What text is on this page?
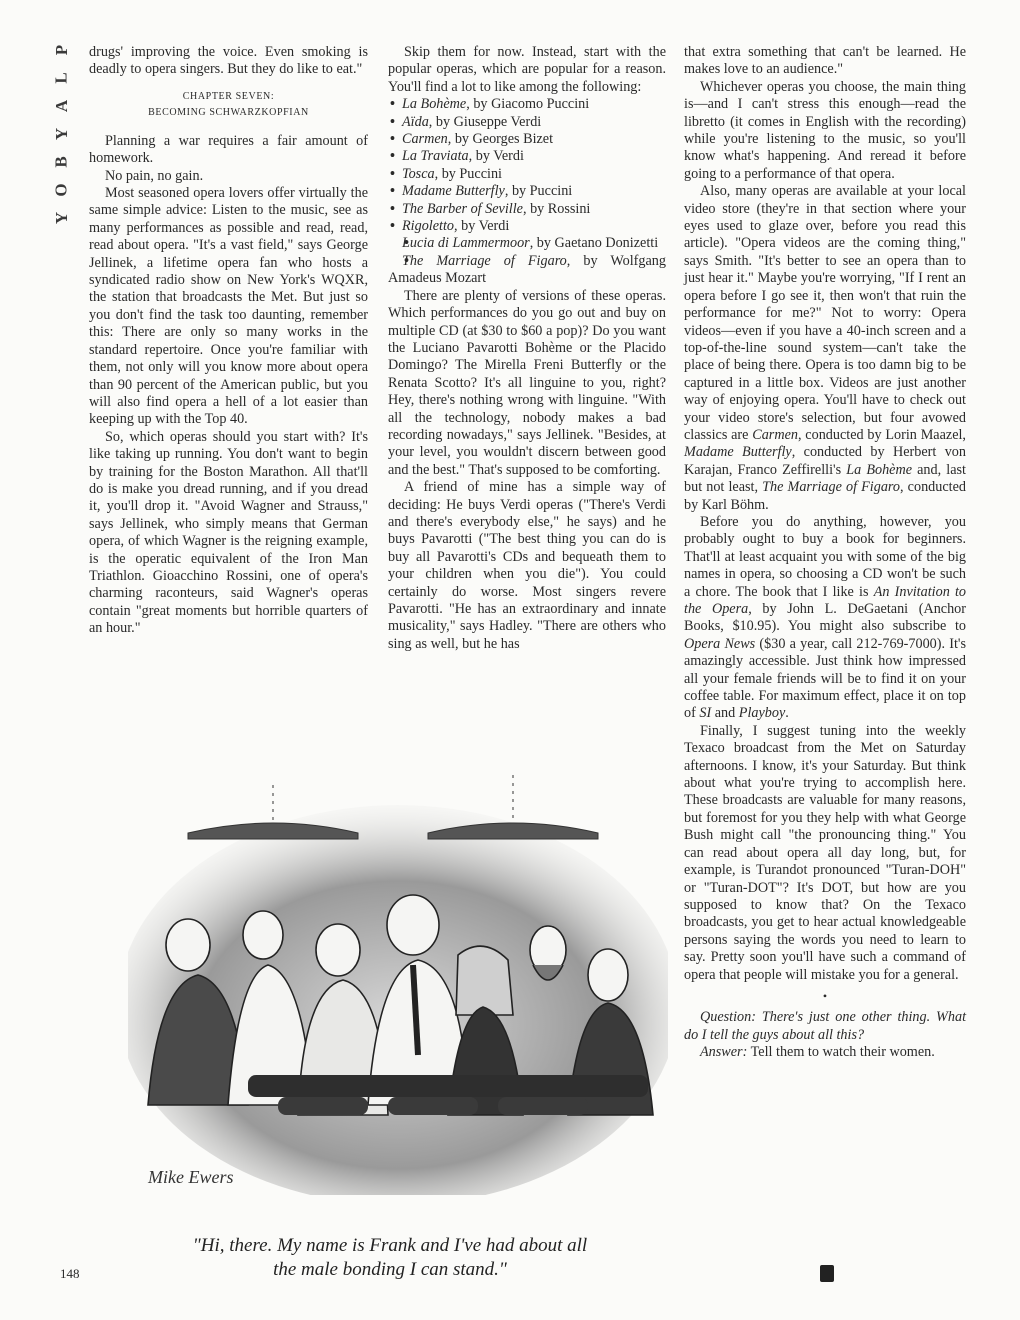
P
L
A
Y
B
O
Y

drugs' improving the voice. Even smoking is deadly to opera singers. But they do like to eat."

CHAPTER SEVEN:
BECOMING SCHWARZKOPFIAN

Planning a war requires a fair amount of homework.

No pain, no gain.

Most seasoned opera lovers offer virtually the same simple advice: Listen to the music, see as many performances as possible and read, read, read about opera. "It's a vast field," says George Jellinek, a lifetime opera fan who hosts a syndicated radio show on New York's WQXR, the station that broadcasts the Met. But just so you don't find the task too daunting, remember this: There are only so many works in the standard repertoire. Once you're familiar with them, not only will you know more about opera than 90 percent of the American public, but you will also find opera a hell of a lot easier than keeping up with the Top 40.

So, which operas should you start with? It's like taking up running. You don't want to begin by training for the Boston Marathon. All that'll do is make you dread running, and if you dread it, you'll drop it. "Avoid Wagner and Strauss," says Jellinek, who simply means that German opera, of which Wagner is the reigning example, is the operatic equivalent of the Iron Man Triathlon. Gioacchino Rossini, one of opera's charming raconteurs, said Wagner's operas contain "great moments but horrible quarters of an hour."

Skip them for now. Instead, start with the popular operas, which are popular for a reason. You'll find a lot to like among the following:

• La Bohème, by Giacomo Puccini
• Aïda, by Giuseppe Verdi
• Carmen, by Georges Bizet
• La Traviata, by Verdi
• Tosca, by Puccini
• Madame Butterfly, by Puccini
• The Barber of Seville, by Rossini
• Rigoletto, by Verdi
• Lucia di Lammermoor, by Gaetano Donizetti
• The Marriage of Figaro, by Wolfgang Amadeus Mozart

There are plenty of versions of these operas. Which performances do you go out and buy on multiple CD (at $30 to $60 a pop)? Do you want the Luciano Pavarotti Bohème or the Placido Domingo? The Mirella Freni Butterfly or the Renata Scotto? It's all linguine to you, right? Hey, there's nothing wrong with linguine. "With all the technology, nobody makes a bad recording nowadays," says Jellinek. "Besides, at your level, you wouldn't discern between good and the best." That's supposed to be comforting.

A friend of mine has a simple way of deciding: He buys Verdi operas ("There's Verdi and there's everybody else," he says) and he buys Pavarotti ("The best thing you can do is buy all Pavarotti's CDs and bequeath them to your children when you die"). You could certainly do worse. Most singers revere Pavarotti. "He has an extraordinary and innate musicality," says Hadley. "There are others who sing as well, but he has

that extra something that can't be learned. He makes love to an audience."

Whichever operas you choose, the main thing is—and I can't stress this enough—read the libretto (it comes in English with the recording) while you're listening to the music, so you'll know what's happening. And reread it before going to a performance of that opera.

Also, many operas are available at your local video store (they're in that section where your eyes used to glaze over, before you read this article). "Opera videos are the coming thing," says Smith. "It's better to see an opera than to just hear it." Maybe you're worrying, "If I rent an opera before I go see it, then won't that ruin the performance for me?" Not to worry: Opera videos—even if you have a 40-inch screen and a top-of-the-line sound system—can't take the place of being there. Opera is too damn big to be captured in a little box. Videos are just another way of enjoying opera. You'll have to check out your video store's selection, but four avowed classics are Carmen, conducted by Lorin Maazel, Madame Butterfly, conducted by Herbert von Karajan, Franco Zeffirelli's La Bohème and, last but not least, The Marriage of Figaro, conducted by Karl Böhm.

Before you do anything, however, you probably ought to buy a book for beginners. That'll at least acquaint you with some of the big names in opera, so choosing a CD won't be such a chore. The book that I like is An Invitation to the Opera, by John L. DeGaetani (Anchor Books, $10.95). You might also subscribe to Opera News ($30 a year, call 212-769-7000). It's amazingly accessible. Just think how impressed all your female friends will be to find it on your coffee table. For maximum effect, place it on top of SI and Playboy.

Finally, I suggest tuning into the weekly Texaco broadcast from the Met on Saturday afternoons. I know, it's your Saturday. But think about what you're trying to accomplish here. These broadcasts are valuable for many reasons, but foremost for you they help with what George Bush might call "the pronouncing thing." You can read about opera all day long, but, for example, is Turandot pronounced "Turan-DOH" or "Turan-DOT"? It's DOT, but how are you supposed to know that? On the Texaco broadcasts, you get to hear actual knowledgeable persons saying the words you need to learn to say. Pretty soon you'll have such a command of opera that people will mistake you for a general.

•

Question: There's just one other thing. What do I tell the guys about all this?

Answer: Tell them to watch their women.

Mike Ewers
"Hi, there. My name is Frank and I've had about all
the male bonding I can stand."
148
